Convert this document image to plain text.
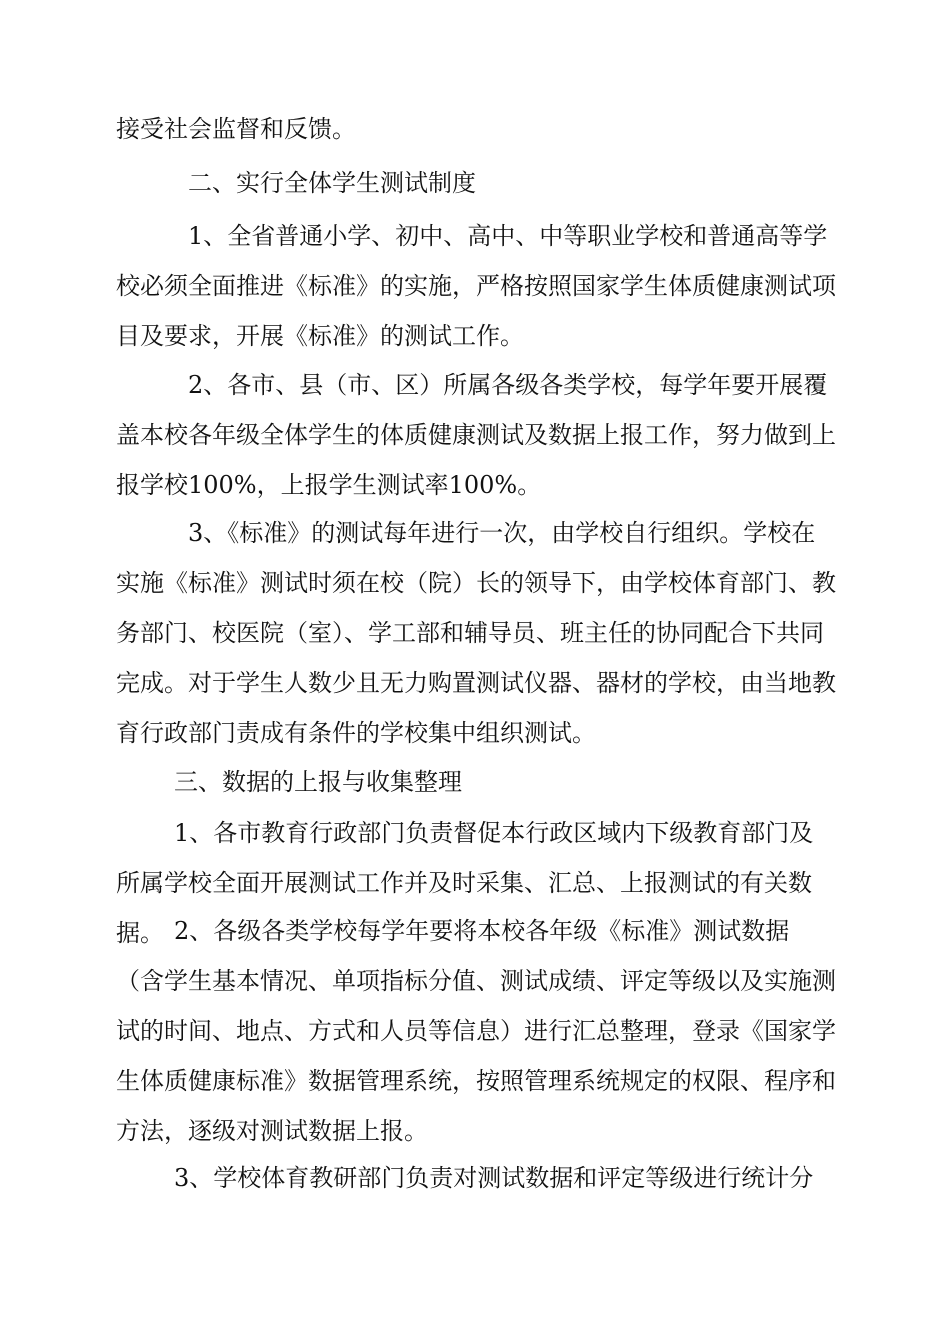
接受社会监督和反馈。

二、实行全体学生测试制度

1、全省普通小学、初中、高中、中等职业学校和普通高等学校必须全面推进《标准》的实施，严格按照国家学生体质健康测试项目及要求，开展《标准》的测试工作。

2、各市、县（市、区）所属各级各类学校，每学年要开展覆盖本校各年级全体学生的体质健康测试及数据上报工作，努力做到上报学校100%，上报学生测试率100%。

3、《标准》的测试每年进行一次，由学校自行组织。学校在实施《标准》测试时须在校（院）长的领导下，由学校体育部门、教务部门、校医院（室）、学工部和辅导员、班主任的协同配合下共同完成。对于学生人数少且无力购置测试仪器、器材的学校，由当地教育行政部门责成有条件的学校集中组织测试。

三、数据的上报与收集整理

1、各市教育行政部门负责督促本行政区域内下级教育部门及所属学校全面开展测试工作并及时采集、汇总、上报测试的有关数据。 2、各级各类学校每学年要将本校各年级《标准》测试数据（含学生基本情况、单项指标分值、测试成绩、评定等级以及实施测试的时间、地点、方式和人员等信息）进行汇总整理，登录《国家学生体质健康标准》数据管理系统，按照管理系统规定的权限、程序和方法，逐级对测试数据上报。

3、学校体育教研部门负责对测试数据和评定等级进行统计分
